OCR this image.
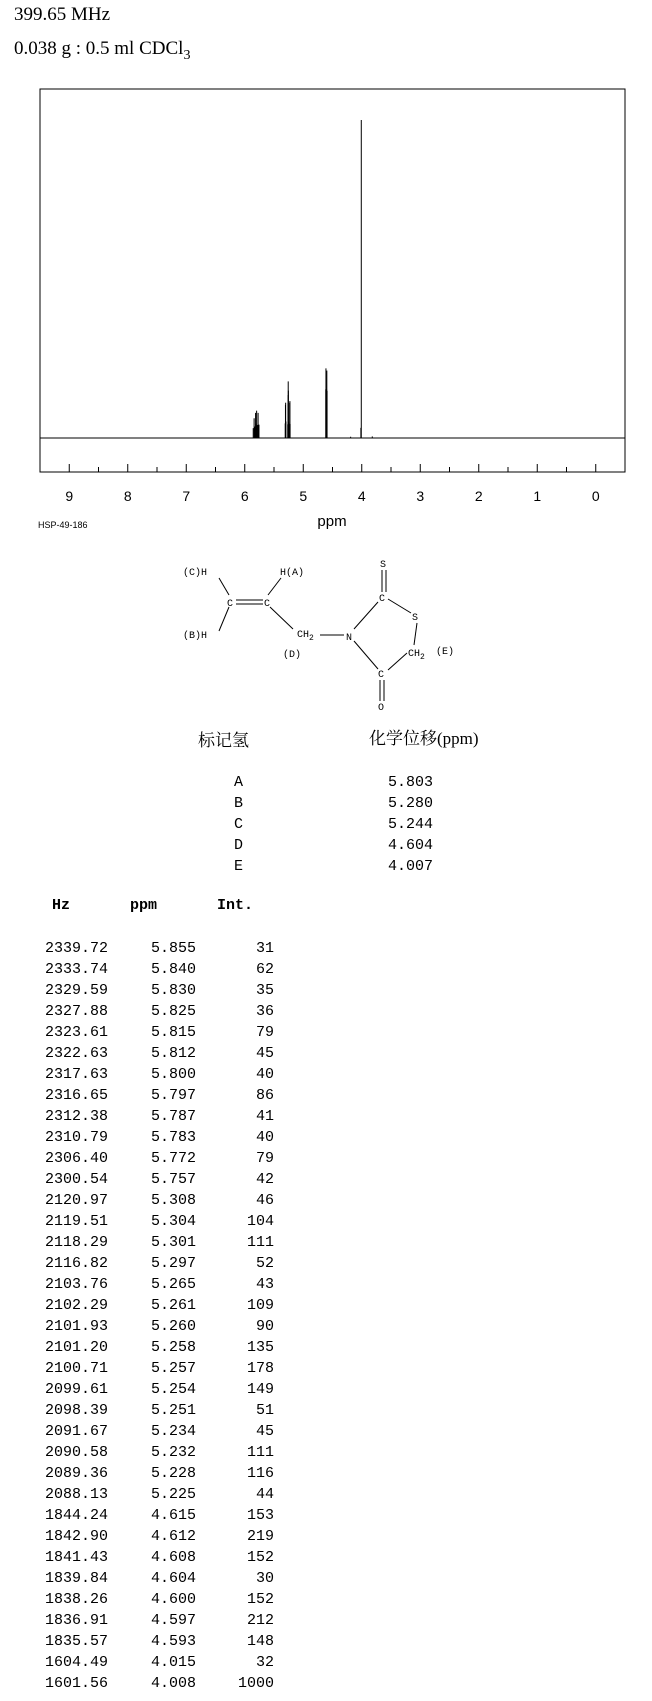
399.65 MHz
0.038 g : 0.5 ml CDCl$_3$
9	8	7	6	5	4	3	2	1	0
ppm
HSP-49-186
(C)H	H(A)
(B)H
C	C
$CH_2$
(D)
N
S
C
S
$CH_2$ (E)
C
O
标记氢	化学位移(ppm)
A	5.803
B	5.280
C	5.244
D	4.604
E	4.007
Hz	ppm	Int.
2339.72	5.855	31
2333.74	5.840	62
2329.59	5.830	35
2327.88	5.825	36
2323.61	5.815	79
2322.63	5.812	45
2317.63	5.800	40
2316.65	5.797	86
2312.38	5.787	41
2310.79	5.783	40
2306.40	5.772	79
2300.54	5.757	42
2120.97	5.308	46
2119.51	5.304	104
2118.29	5.301	111
2116.82	5.297	52
2103.76	5.265	43
2102.29	5.261	109
2101.93	5.260	90
2101.20	5.258	135
2100.71	5.257	178
2099.61	5.254	149
2098.39	5.251	51
2091.67	5.234	45
2090.58	5.232	111
2089.36	5.228	116
2088.13	5.225	44
1844.24	4.615	153
1842.90	4.612	219
1841.43	4.608	152
1839.84	4.604	30
1838.26	4.600	152
1836.91	4.597	212
1835.57	4.593	148
1604.49	4.015	32
1601.56	4.008	1000
